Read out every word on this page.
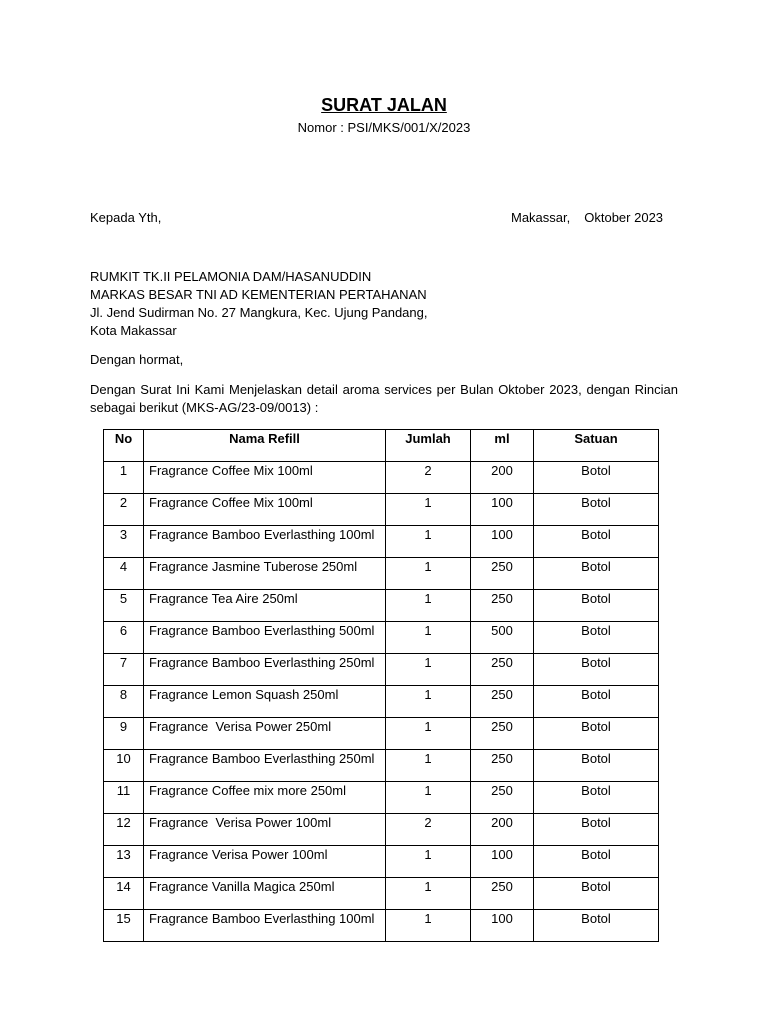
SURAT JALAN
Nomor : PSI/MKS/001/X/2023
Kepada Yth,	Makassar, Oktober 2023
RUMKIT TK.II PELAMONIA DAM/HASANUDDIN
MARKAS BESAR TNI AD KEMENTERIAN PERTAHANAN
Jl. Jend Sudirman No. 27 Mangkura, Kec. Ujung Pandang,
Kota Makassar
Dengan hormat,
Dengan Surat Ini Kami Menjelaskan detail aroma services per Bulan Oktober 2023, dengan Rincian sebagai berikut (MKS-AG/23-09/0013) :
No	Nama Refill	Jumlah	ml	Satuan
1	Fragrance Coffee Mix 100ml	2	200	Botol
2	Fragrance Coffee Mix 100ml	1	100	Botol
3	Fragrance Bamboo Everlasthing 100ml	1	100	Botol
4	Fragrance Jasmine Tuberose 250ml	1	250	Botol
5	Fragrance Tea Aire 250ml	1	250	Botol
6	Fragrance Bamboo Everlasthing 500ml	1	500	Botol
7	Fragrance Bamboo Everlasthing 250ml	1	250	Botol
8	Fragrance Lemon Squash 250ml	1	250	Botol
9	Fragrance  Verisa Power 250ml	1	250	Botol
10	Fragrance Bamboo Everlasthing 250ml	1	250	Botol
11	Fragrance Coffee mix more 250ml	1	250	Botol
12	Fragrance  Verisa Power 100ml	2	200	Botol
13	Fragrance Verisa Power 100ml	1	100	Botol
14	Fragrance Vanilla Magica 250ml	1	250	Botol
15	Fragrance Bamboo Everlasthing 100ml	1	100	Botol
